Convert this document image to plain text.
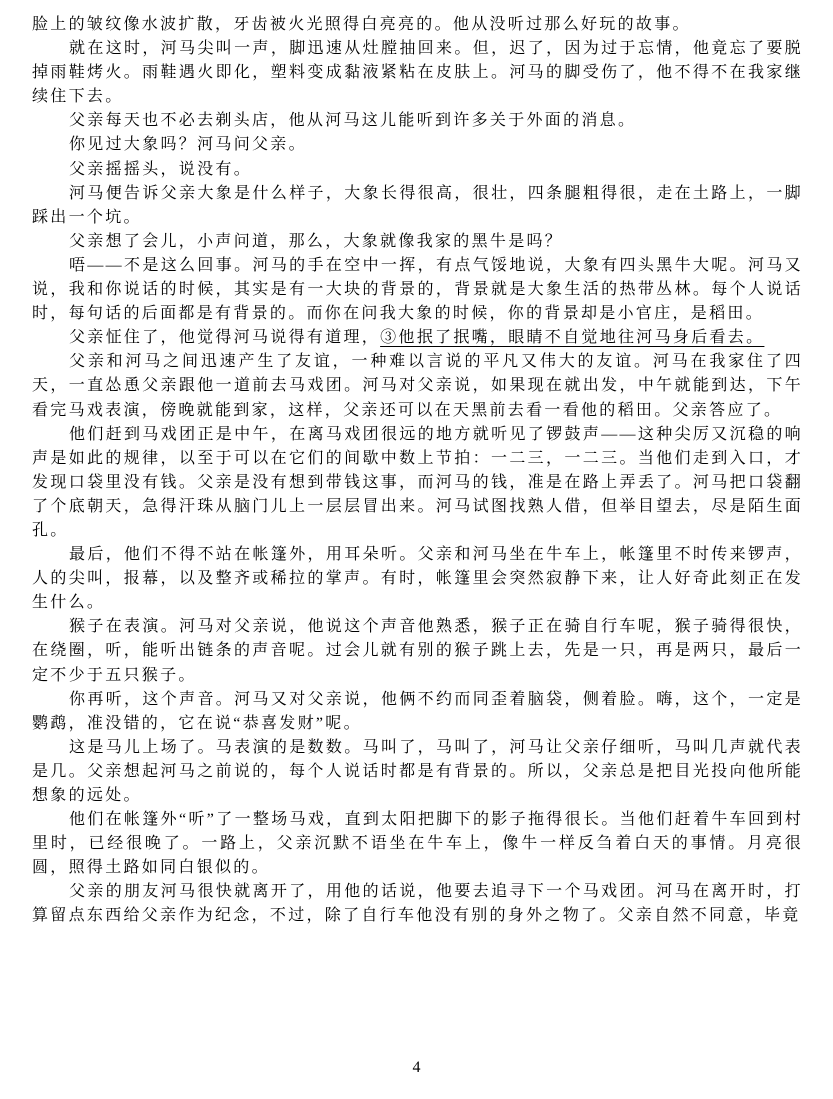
脸上的皱纹像水波扩散，牙齿被火光照得白亮亮的。他从没听过那么好玩的故事。

就在这时，河马尖叫一声，脚迅速从灶膛抽回来。但，迟了，因为过于忘情，他竟忘了要脱掉雨鞋烤火。雨鞋遇火即化，塑料变成黏液紧粘在皮肤上。河马的脚受伤了，他不得不在我家继续住下去。

父亲每天也不必去剃头店，他从河马这儿能听到许多关于外面的消息。

你见过大象吗？河马问父亲。

父亲摇摇头，说没有。

河马便告诉父亲大象是什么样子，大象长得很高，很壮，四条腿粗得很，走在土路上，一脚踩出一个坑。

父亲想了会儿，小声问道，那么，大象就像我家的黑牛是吗？

唔——不是这么回事。河马的手在空中一挥，有点气馁地说，大象有四头黑牛大呢。河马又说，我和你说话的时候，其实是有一大块的背景的，背景就是大象生活的热带丛林。每个人说话时，每句话的后面都是有背景的。而你在问我大象的时候，你的背景却是小官庄，是稻田。

父亲怔住了，他觉得河马说得有道理，③他抿了抿嘴，眼睛不自觉地往河马身后看去。

父亲和河马之间迅速产生了友谊，一种难以言说的平凡又伟大的友谊。河马在我家住了四天，一直怂恿父亲跟他一道前去马戏团。河马对父亲说，如果现在就出发，中午就能到达，下午看完马戏表演，傍晚就能到家，这样，父亲还可以在天黑前去看一看他的稻田。父亲答应了。

他们赶到马戏团正是中午，在离马戏团很远的地方就听见了锣鼓声——这种尖厉又沉稳的响声是如此的规律，以至于可以在它们的间歇中数上节拍：一二三，一二三。当他们走到入口，才发现口袋里没有钱。父亲是没有想到带钱这事，而河马的钱，准是在路上弄丢了。河马把口袋翻了个底朝天，急得汗珠从脑门儿上一层层冒出来。河马试图找熟人借，但举目望去，尽是陌生面孔。

最后，他们不得不站在帐篷外，用耳朵听。父亲和河马坐在牛车上，帐篷里不时传来锣声，人的尖叫，报幕，以及整齐或稀拉的掌声。有时，帐篷里会突然寂静下来，让人好奇此刻正在发生什么。

猴子在表演。河马对父亲说，他说这个声音他熟悉，猴子正在骑自行车呢，猴子骑得很快，在绕圈，听，能听出链条的声音呢。过会儿就有别的猴子跳上去，先是一只，再是两只，最后一定不少于五只猴子。

你再听，这个声音。河马又对父亲说，他俩不约而同歪着脑袋，侧着脸。嗨，这个，一定是鹦鹉，准没错的，它在说“恭喜发财”呢。

这是马儿上场了。马表演的是数数。马叫了，马叫了，河马让父亲仔细听，马叫几声就代表是几。父亲想起河马之前说的，每个人说话时都是有背景的。所以，父亲总是把目光投向他所能想象的远处。

他们在帐篷外“听”了一整场马戏，直到太阳把脚下的影子拖得很长。当他们赶着牛车回到村里时，已经很晚了。一路上，父亲沉默不语坐在牛车上，像牛一样反刍着白天的事情。月亮很圆，照得土路如同白银似的。

父亲的朋友河马很快就离开了，用他的话说，他要去追寻下一个马戏团。河马在离开时，打算留点东西给父亲作为纪念，不过，除了自行车他没有别的身外之物了。父亲自然不同意，毕竟

4
